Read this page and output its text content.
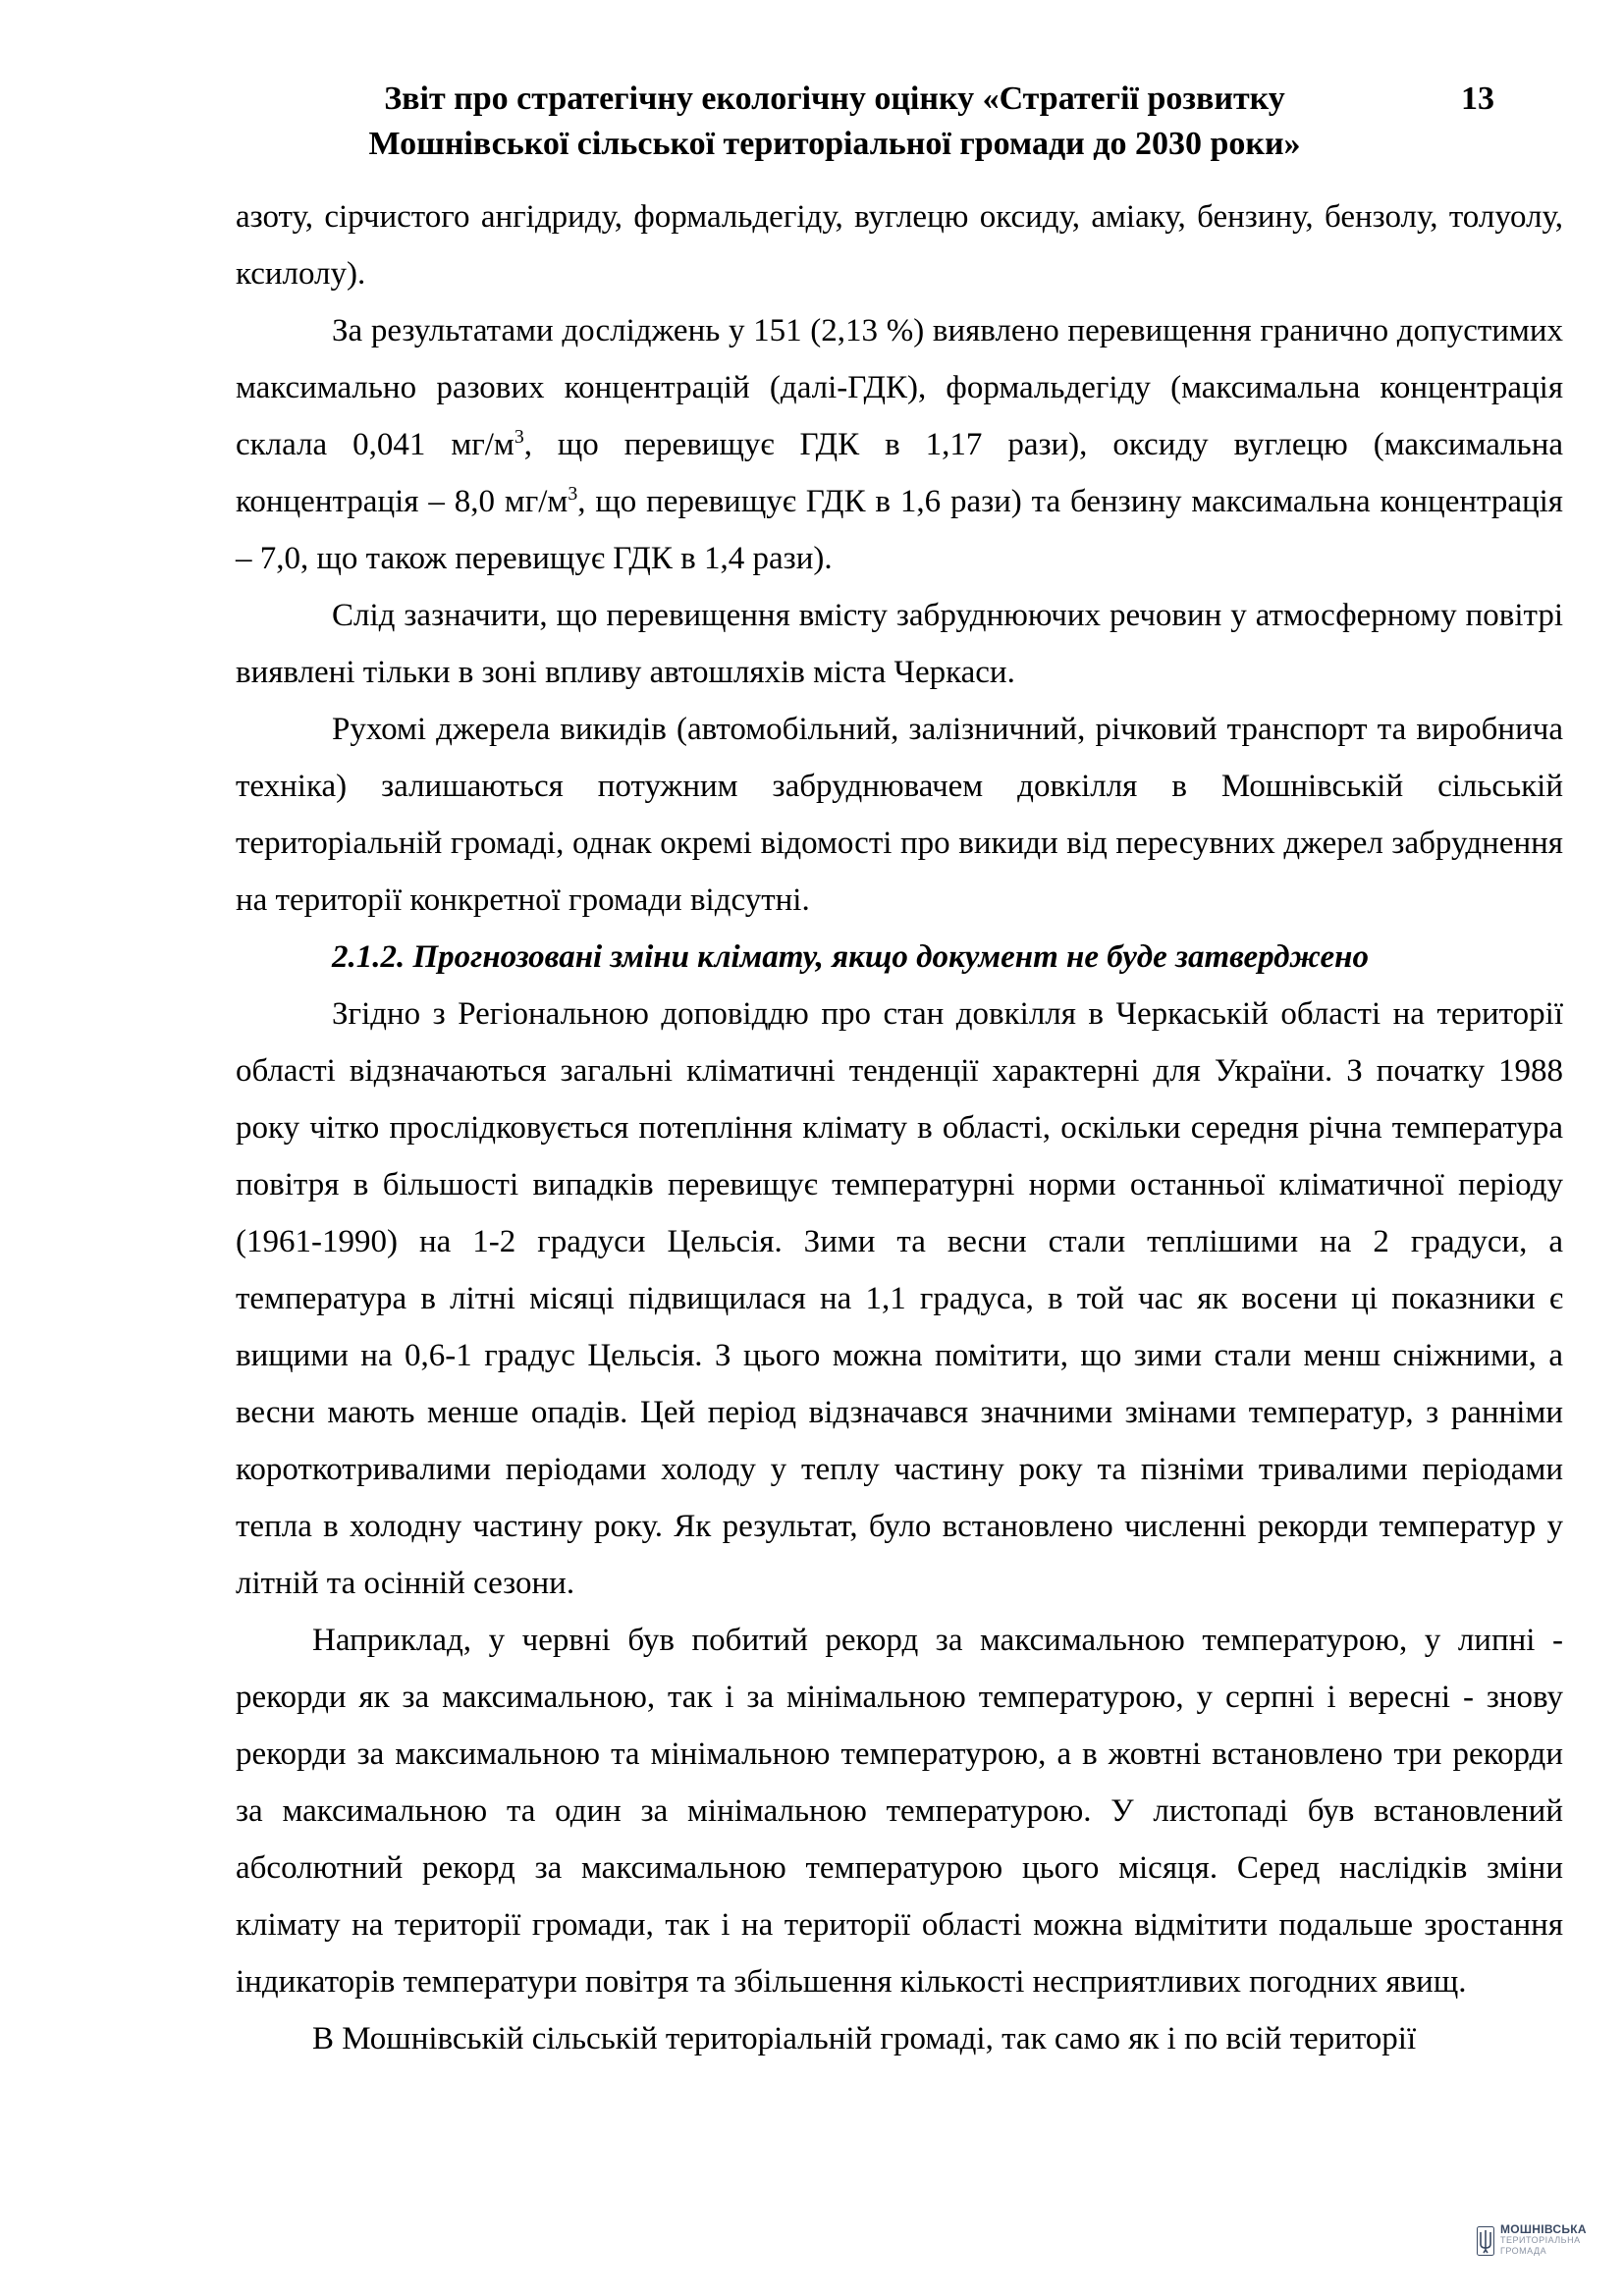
Звіт про стратегічну екологічну оцінку «Стратегії розвитку
Мошнівської сільської територіальної громади до 2030 роки»
13

азоту, сірчистого ангідриду, формальдегіду, вуглецю оксиду, аміаку, бензину, бензолу, толуолу, ксилолу).

За результатами досліджень у 151 (2,13 %) виявлено перевищення гранично допустимих максимально разових концентрацій (далі-ГДК), формальдегіду (максимальна концентрація склала 0,041 $мг/м^3$, що перевищує ГДК в 1,17 рази), оксиду вуглецю (максимальна концентрація – 8,0 $мг/м^3$, що перевищує ГДК в 1,6 рази) та бензину максимальна концентрація – 7,0, що також перевищує ГДК в 1,4 рази).

Слід зазначити, що перевищення вмісту забруднюючих речовин у атмосферному повітрі виявлені тільки в зоні впливу автошляхів міста Черкаси.

Рухомі джерела викидів (автомобільний, залізничний, річковий транспорт та виробнича техніка) залишаються потужним забруднювачем довкілля в Мошнівській сільській територіальній громаді, однак окремі відомості про викиди від пересувних джерел забруднення на території конкретної громади відсутні.

2.1.2. Прогнозовані зміни клімату, якщо документ не буде затверджено

Згідно з Регіональною доповіддю про стан довкілля в Черкаській області на території області відзначаються загальні кліматичні тенденції характерні для України. З початку 1988 року чітко прослідковується потепління клімату в області, оскільки середня річна температура повітря в більшості випадків перевищує температурні норми останньої кліматичної періоду (1961-1990) на 1-2 градуси Цельсія. Зими та весни стали теплішими на 2 градуси, а температура в літні місяці підвищилася на 1,1 градуса, в той час як восени ці показники є вищими на 0,6-1 градус Цельсія. З цього можна помітити, що зими стали менш сніжними, а весни мають менше опадів. Цей період відзначався значними змінами температур, з ранніми короткотривалими періодами холоду у теплу частину року та пізніми тривалими періодами тепла в холодну частину року. Як результат, було встановлено численні рекорди температур у літній та осінній сезони.

Наприклад, у червні був побитий рекорд за максимальною температурою, у липні - рекорди як за максимальною, так і за мінімальною температурою, у серпні і вересні - знову рекорди за максимальною та мінімальною температурою, а в жовтні встановлено три рекорди за максимальною та один за мінімальною температурою. У листопаді був встановлений абсолютний рекорд за максимальною температурою цього місяця. Серед наслідків зміни клімату на території громади, так і на території області можна відмітити подальше зростання індикаторів температури повітря та збільшення кількості несприятливих погодних явищ.

В Мошнівській сільській територіальній громаді, так само як і по всій території

МОШНІВСЬКА
ТЕРИТОРІАЛЬНА
ГРОМАДА
